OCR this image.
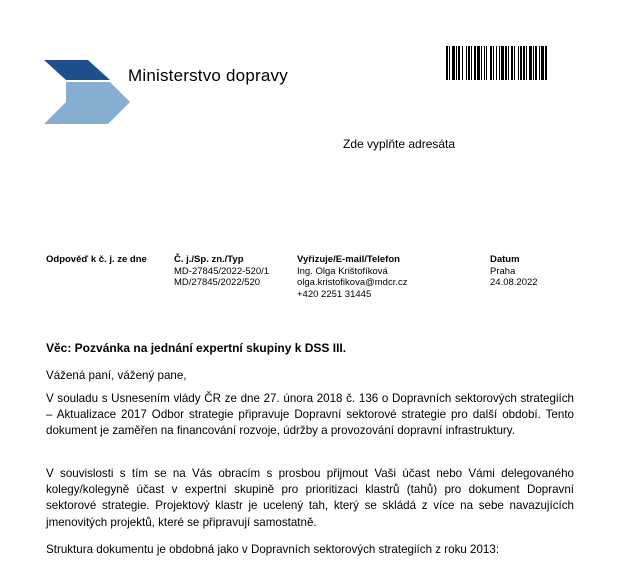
Ministerstvo dopravy
Zde vyplňte adresáta
Odpověď k č. j. ze dne	Č. j./Sp. zn./Typ
MD-27845/2022-520/1
MD/27845/2022/520
Vyřizuje/E-mail/Telefon
Ing. Olga Krištofíková
olga.kristofikova@mdcr.cz
+420 2251 31445
Datum
Praha
24.08.2022
Věc: Pozvánka na jednání expertní skupiny k DSS III.
Vážená paní, vážený pane,
V souladu s Usnesením vlády ČR ze dne 27. února 2018 č. 136 o Dopravních sektorových strategiích – Aktualizace 2017 Odbor strategie připravuje Dopravní sektorové strategie pro další období. Tento dokument je zaměřen na financování rozvoje, údržby a provozování dopravní infrastruktury.
V souvislosti s tím se na Vás obracím s prosbou přijmout Vaši účast nebo Vámi delegovaného kolegy/kolegyně účast v expertní skupině pro prioritizaci klastrů (tahů) pro dokument Dopravní sektorové strategie. Projektový klastr je ucelený tah, který se skládá z více na sebe navazujících jmenovitých projektů, které se připravují samostatně.
Struktura dokumentu je obdobná jako v Dopravních sektorových strategiích z roku 2013:
